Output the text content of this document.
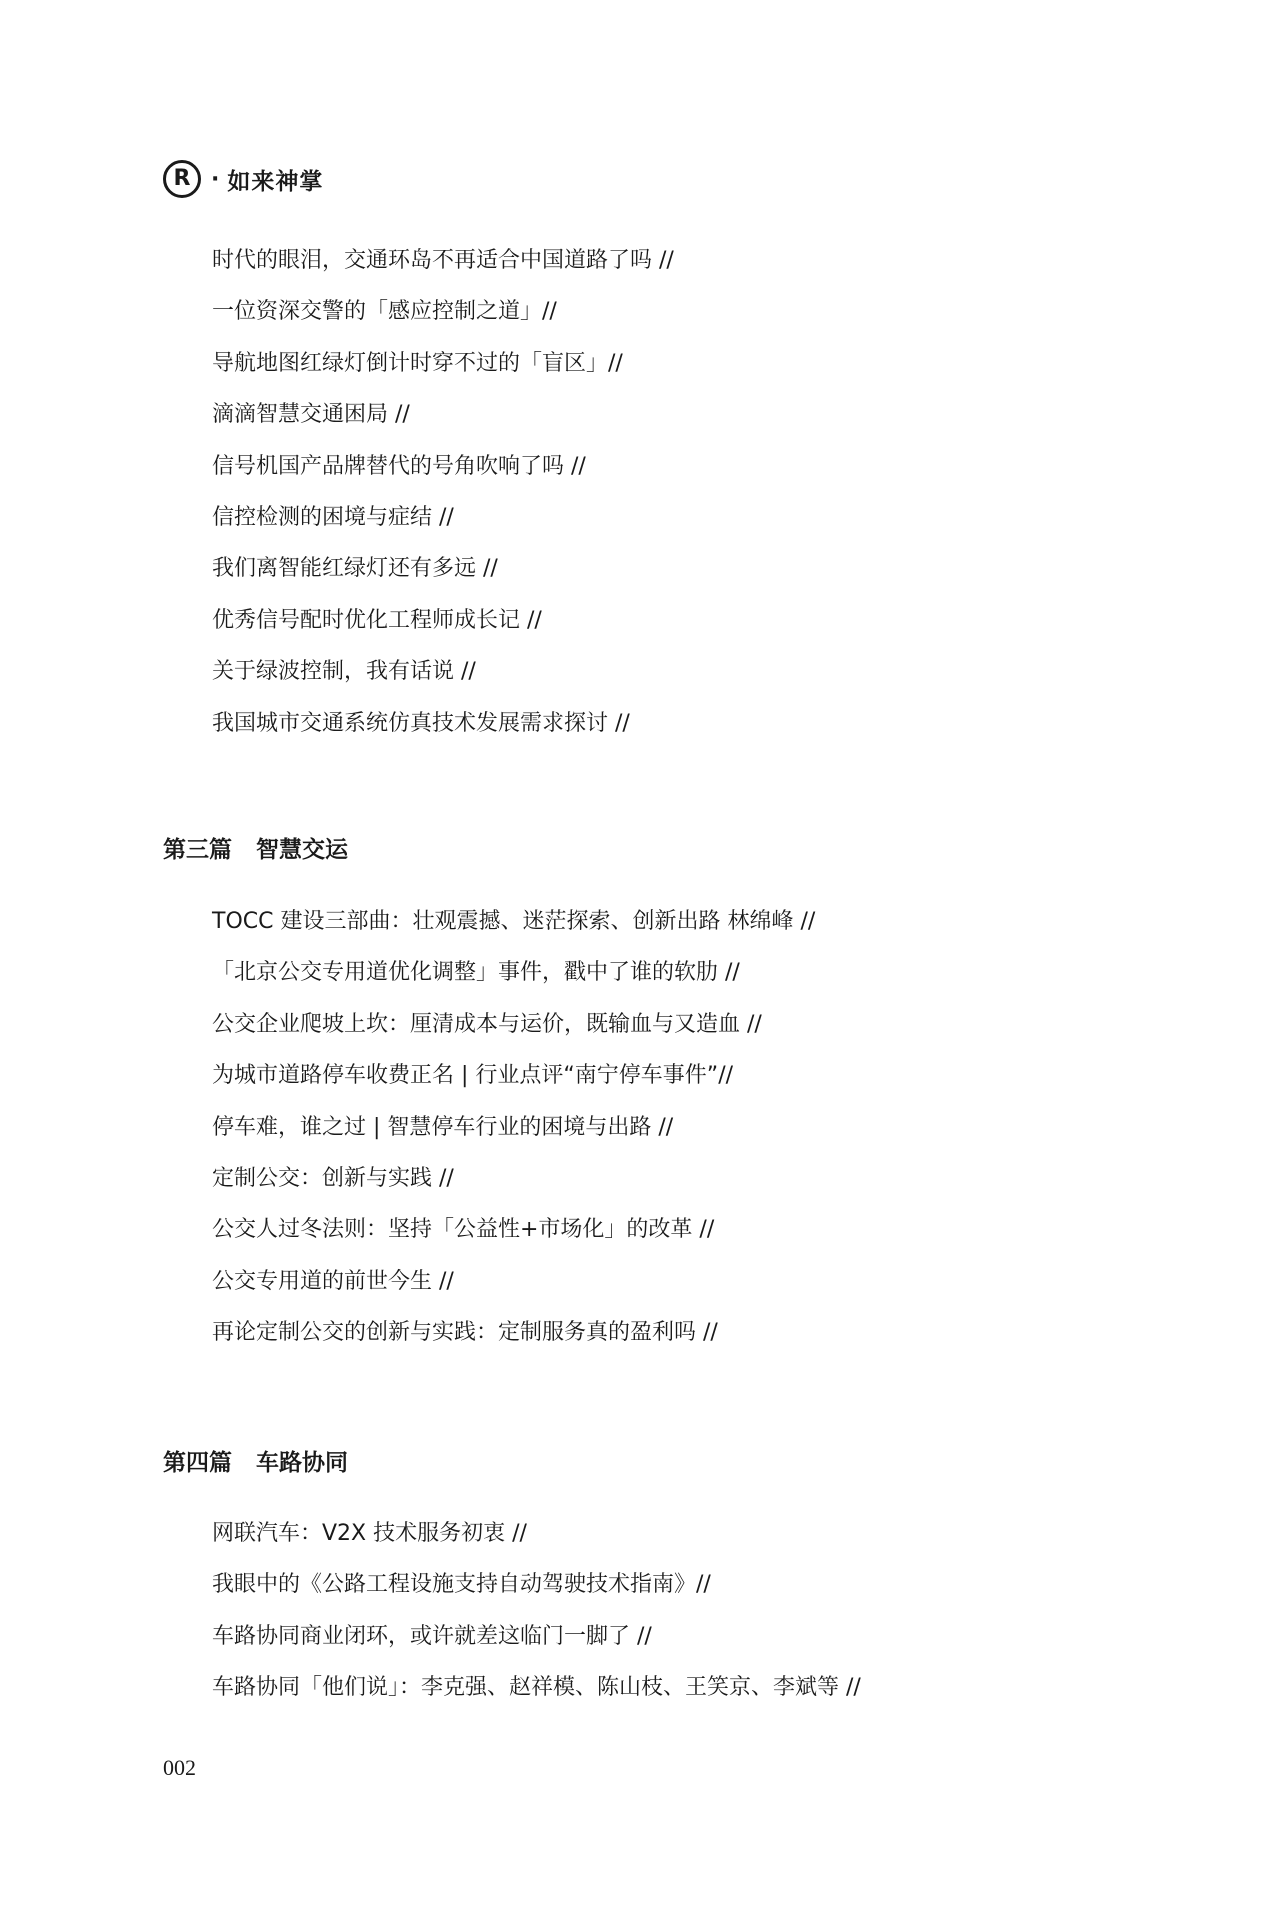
R · 如来神掌
时代的眼泪，交通环岛不再适合中国道路了吗 //
一位资深交警的「感应控制之道」//
导航地图红绿灯倒计时穿不过的「盲区」//
滴滴智慧交通困局 //
信号机国产品牌替代的号角吹响了吗 //
信控检测的困境与症结 //
我们离智能红绿灯还有多远 //
优秀信号配时优化工程师成长记 //
关于绿波控制，我有话说 //
我国城市交通系统仿真技术发展需求探讨 //
第三篇 智慧交运
TOCC 建设三部曲：壮观震撼、迷茫探索、创新出路 林绵峰 //
「北京公交专用道优化调整」事件，戳中了谁的软肋 //
公交企业爬坡上坎：厘清成本与运价，既输血与又造血 //
为城市道路停车收费正名 | 行业点评“南宁停车事件”//
停车难，谁之过 | 智慧停车行业的困境与出路 //
定制公交：创新与实践 //
公交人过冬法则：坚持「公益性+市场化」的改革 //
公交专用道的前世今生 //
再论定制公交的创新与实践：定制服务真的盈利吗 //
第四篇 车路协同
网联汽车：V2X 技术服务初衷 //
我眼中的《公路工程设施支持自动驾驶技术指南》//
车路协同商业闭环，或许就差这临门一脚了 //
车路协同「他们说」：李克强、赵祥模、陈山枝、王笑京、李斌等 //
002
